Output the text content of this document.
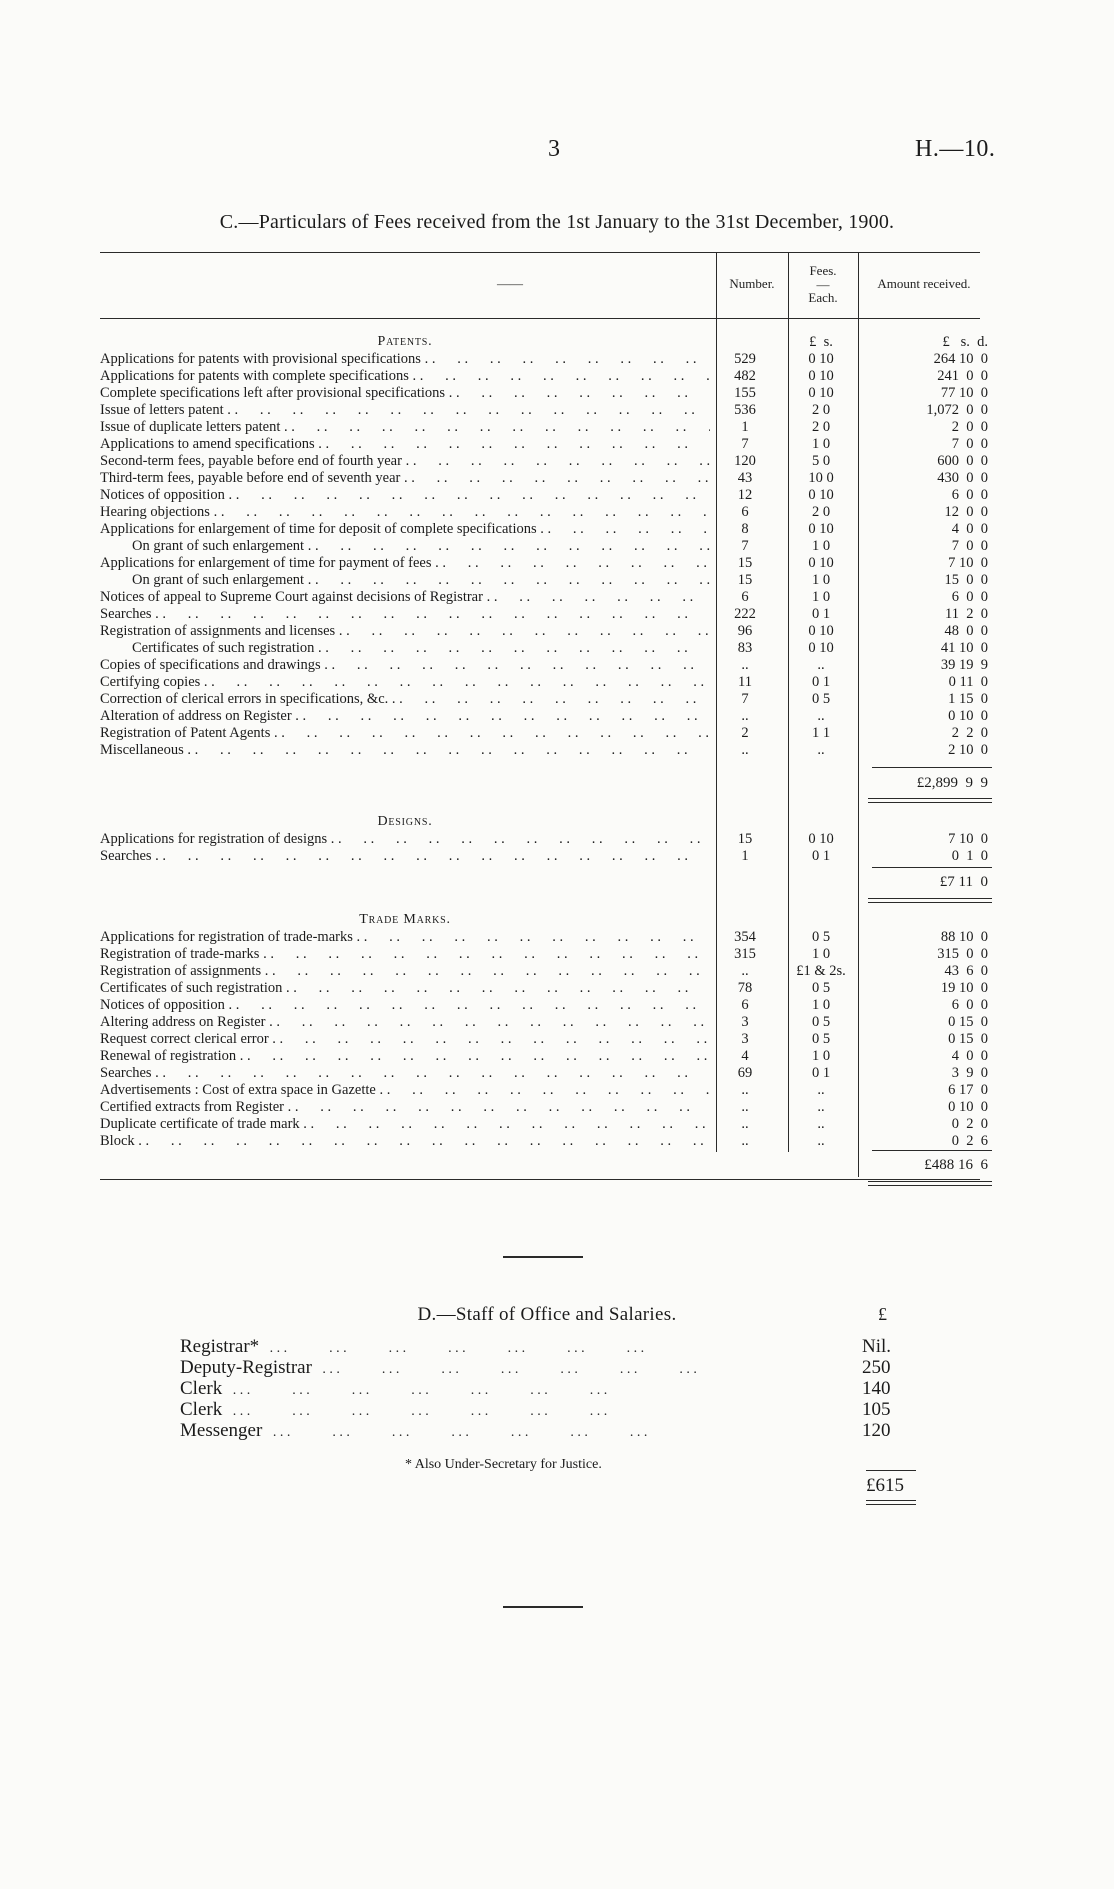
3	H.—10.
C.—Particulars of Fees received from the 1st January to the 31st December, 1900.
——	Number.
Fees.
—
Each.
Amount received.
Patents.	£  s.	£   s.  d.
Applications for patents with provisional specifications . .	529	0 10	264 10  0
Applications for patents with complete specifications . .	482	0 10	241  0  0
Complete specifications left after provisional specifications . .	155	0 10	77 10  0
Issue of letters patent . .	536	2 0	1,072  0  0
Issue of duplicate letters patent . .	1	2 0	2  0  0
Applications to amend specifications . .	7	1 0	7  0  0
Second-term fees, payable before end of fourth year . .	120	5 0	600  0  0
Third-term fees, payable before end of seventh year . .	43	10 0	430  0  0
Notices of opposition . .	12	0 10	6  0  0
Hearing objections . .	6	2 0	12  0  0
Applications for enlargement of time for deposit of complete specifications . .	8	0 10	4  0  0
On grant of such enlargement . .	7	1 0	7  0  0
Applications for enlargement of time for payment of fees . .	15	0 10	7 10  0
On grant of such enlargement . .	15	1 0	15  0  0
Notices of appeal to Supreme Court against decisions of Registrar . .	6	1 0	6  0  0
Searches . .	222	0 1	11  2  0
Registration of assignments and licenses . .	96	0 10	48  0  0
Certificates of such registration . .	83	0 10	41 10  0
Copies of specifications and drawings . .	..	..	39 19  9
Certifying copies . .	11	0 1	0 11  0
Correction of clerical errors in specifications, &c. . .	7	0 5	1 15  0
Alteration of address on Register . .	..	..	0 10  0
Registration of Patent Agents . .	2	1 1	2  2  0
Miscellaneous . .	..	..	2 10  0
£2,899  9  9
Designs.
Applications for registration of designs . .	15	0 10	7 10  0
Searches . .	1	0 1	0  1  0
£7 11  0
Trade Marks.
Applications for registration of trade-marks . .	354	0 5	88 10  0
Registration of trade-marks . .	315	1 0	315  0  0
Registration of assignments . .	..	£1 & 2s.	43  6  0
Certificates of such registration . .	78	0 5	19 10  0
Notices of opposition . .	6	1 0	6  0  0
Altering address on Register . .	3	0 5	0 15  0
Request correct clerical error . .	3	0 5	0 15  0
Renewal of registration . .	4	1 0	4  0  0
Searches . .	69	0 1	3  9  0
Advertisements : Cost of extra space in Gazette . .	..	..	6 17  0
Certified extracts from Register . .	..	..	0 10  0
Duplicate certificate of trade mark . .	..	..	0  2  0
Block . .	..	..	0  2  6
£488 16  6
D.—Staff of Office and Salaries.	£
Registrar* . . .	Nil.
Deputy-Registrar . . .	250
Clerk . . .	140
Clerk . . .	105
Messenger . . .	120
* Also Under-Secretary for Justice.
£615
